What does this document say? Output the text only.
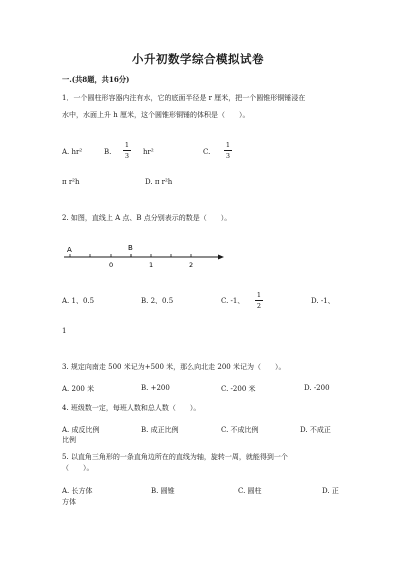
小升初数学综合模拟试卷
一.(共8题，共16分)
1．一个圆柱形容器内注有水，它的底面半径是 r 厘米，把一个圆锥形铜锤浸在
水中，水面上升 h 厘米，这个圆锥形铜锤的体积是（　　）。
A. hr²	B.
1
3	hr²	C.
1
3
π r²h	D. π r²h
2. 如图，直线上 A 点、B 点分别表示的数是（　　）。
A	B
0	1	2
A. 1、0.5	B. 2、0.5	C. -1、
1
2
D. -1、
1
3. 规定向南走 500 米记为+500 米，那么向北走 200 米记为（　　）。
A. 200 米	B. +200	C. -200 米	D. -200
4. 班级数一定，每班人数和总人数（　　）。
A. 成反比例
比例
B. 成正比例	C. 不成比例	D. 不成正
5. 以直角三角形的一条直角边所在的直线为轴，旋转一周，就能得到一个
（　　）。
A. 长方体
方体
B. 圆锥	C. 圆柱	D. 正
